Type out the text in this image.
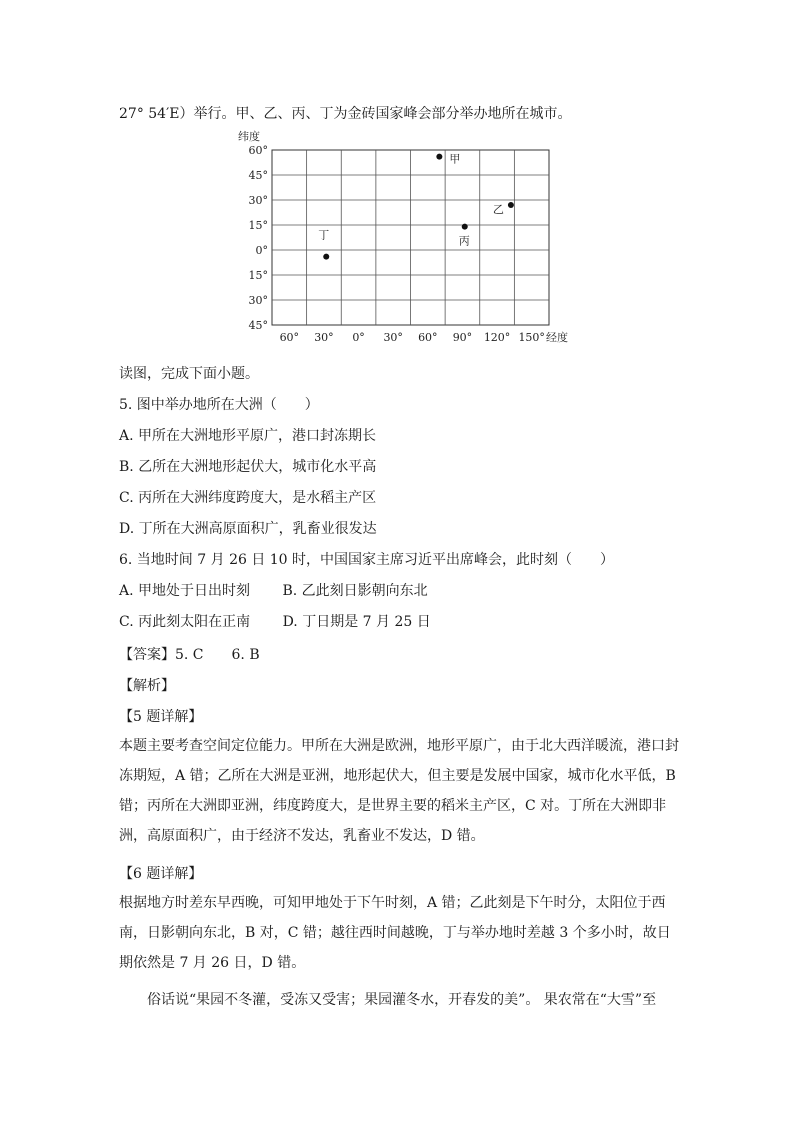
27° 54′E）举行。甲、乙、丙、丁为金砖国家峰会部分举办地所在城市。
纬度
60°
45°
30°
15°
0°
15°
30°
45°
60° 30° 0° 30° 60° 90° 120° 150° 经度
甲
乙
丙
丁
读图，完成下面小题。
5. 图中举办地所在大洲（　　）
A. 甲所在大洲地形平原广，港口封冻期长
B. 乙所在大洲地形起伏大，城市化水平高
C. 丙所在大洲纬度跨度大，是水稻主产区
D. 丁所在大洲高原面积广，乳畜业很发达
6. 当地时间 7 月 26 日 10 时，中国国家主席习近平出席峰会，此时刻（　　）
A. 甲地处于日出时刻　　 B. 乙此刻日影朝向东北
C. 丙此刻太阳在正南　　 D. 丁日期是 7 月 25 日
【答案】5. C　　6. B
【解析】
【5 题详解】
本题主要考查空间定位能力。甲所在大洲是欧洲，地形平原广，由于北大西洋暖流，港口封冻期短，A 错；乙所在大洲是亚洲，地形起伏大，但主要是发展中国家，城市化水平低，B 错；丙所在大洲即亚洲，纬度跨度大，是世界主要的稻米主产区，C 对。丁所在大洲即非洲，高原面积广，由于经济不发达，乳畜业不发达，D 错。
【6 题详解】
根据地方时差东早西晚，可知甲地处于下午时刻，A 错；乙此刻是下午时分，太阳位于西南，日影朝向东北，B 对，C 错；越往西时间越晚，丁与举办地时差越 3 个多小时，故日期依然是 7 月 26 日，D 错。
俗话说“果园不冬灌，受冻又受害；果园灌冬水，开春发的美”。 果农常在“大雪”至
